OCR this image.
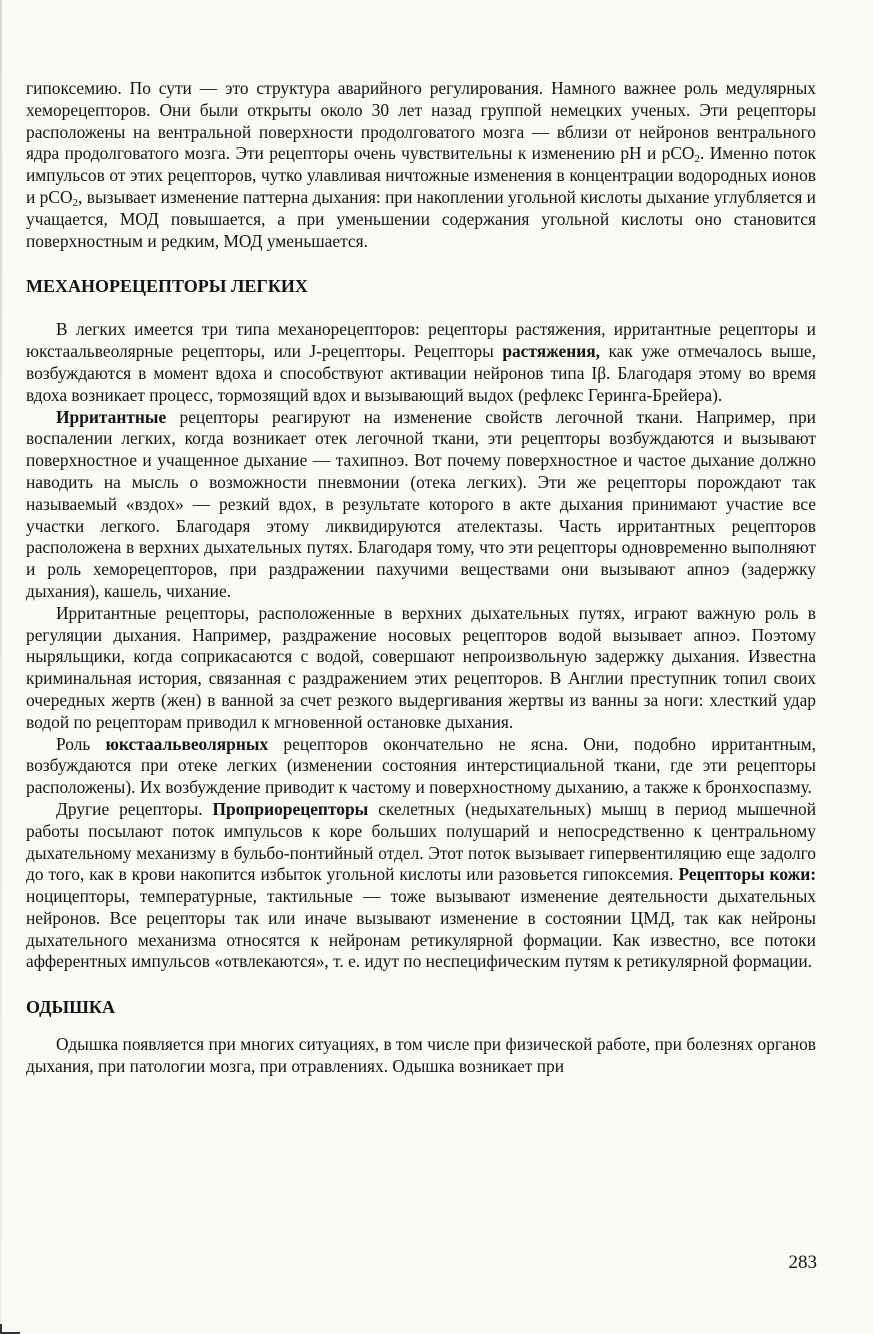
гипоксемию. По сути — это структура аварийного регулирования. Намного важнее роль медулярных хеморецепторов. Они были открыты около 30 лет назад группой немецких ученых. Эти рецепторы расположены на вентральной поверхности продолговатого мозга — вблизи от нейронов вентрального ядра продолговатого мозга. Эти рецепторы очень чувствительны к изменению pH и pCO$_2$. Именно поток импульсов от этих рецепторов, чутко улавливая ничтожные изменения в концентрации водородных ионов и pCO$_2$, вызывает изменение паттерна дыхания: при накоплении угольной кислоты дыхание углубляется и учащается, МОД повышается, а при уменьшении содержания угольной кислоты оно становится поверхностным и редким, МОД уменьшается.

МЕХАНОРЕЦЕПТОРЫ ЛЕГКИХ

В легких имеется три типа механорецепторов: рецепторы растяжения, ирритантные рецепторы и юкстаальвеолярные рецепторы, или J-рецепторы. Рецепторы растяжения, как уже отмечалось выше, возбуждаются в момент вдоха и способствуют активации нейронов типа Iβ. Благодаря этому во время вдоха возникает процесс, тормозящий вдох и вызывающий выдох (рефлекс Геринга-Брейера).

Ирритантные рецепторы реагируют на изменение свойств легочной ткани. Например, при воспалении легких, когда возникает отек легочной ткани, эти рецепторы возбуждаются и вызывают поверхностное и учащенное дыхание — тахипноэ. Вот почему поверхностное и частое дыхание должно наводить на мысль о возможности пневмонии (отека легких). Эти же рецепторы порождают так называемый «вздох» — резкий вдох, в результате которого в акте дыхания принимают участие все участки легкого. Благодаря этому ликвидируются ателектазы. Часть ирритантных рецепторов расположена в верхних дыхательных путях. Благодаря тому, что эти рецепторы одновременно выполняют и роль хеморецепторов, при раздражении пахучими веществами они вызывают апноэ (задержку дыхания), кашель, чихание.

Ирритантные рецепторы, расположенные в верхних дыхательных путях, играют важную роль в регуляции дыхания. Например, раздражение носовых рецепторов водой вызывает апноэ. Поэтому ныряльщики, когда соприкасаются с водой, совершают непроизвольную задержку дыхания. Известна криминальная история, связанная с раздражением этих рецепторов. В Англии преступник топил своих очередных жертв (жен) в ванной за счет резкого выдергивания жертвы из ванны за ноги: хлесткий удар водой по рецепторам приводил к мгновенной остановке дыхания.

Роль юкстаальвеолярных рецепторов окончательно не ясна. Они, подобно ирритантным, возбуждаются при отеке легких (изменении состояния интерстициальной ткани, где эти рецепторы расположены). Их возбуждение приводит к частому и поверхностному дыханию, а также к бронхоспазму.

Другие рецепторы. Проприорецепторы скелетных (недыхательных) мышц в период мышечной работы посылают поток импульсов к коре больших полушарий и непосредственно к центральному дыхательному механизму в бульбо-понтийный отдел. Этот поток вызывает гипервентиляцию еще задолго до того, как в крови накопится избыток угольной кислоты или разовьется гипоксемия. Рецепторы кожи: ноцицепторы, температурные, тактильные — тоже вызывают изменение деятельности дыхательных нейронов. Все рецепторы так или иначе вызывают изменение в состоянии ЦМД, так как нейроны дыхательного механизма относятся к нейронам ретикулярной формации. Как известно, все потоки афферентных импульсов «отвлекаются», т. е. идут по неспецифическим путям к ретикулярной формации.

ОДЫШКА

Одышка появляется при многих ситуациях, в том числе при физической работе, при болезнях органов дыхания, при патологии мозга, при отравлениях. Одышка возникает при

283
